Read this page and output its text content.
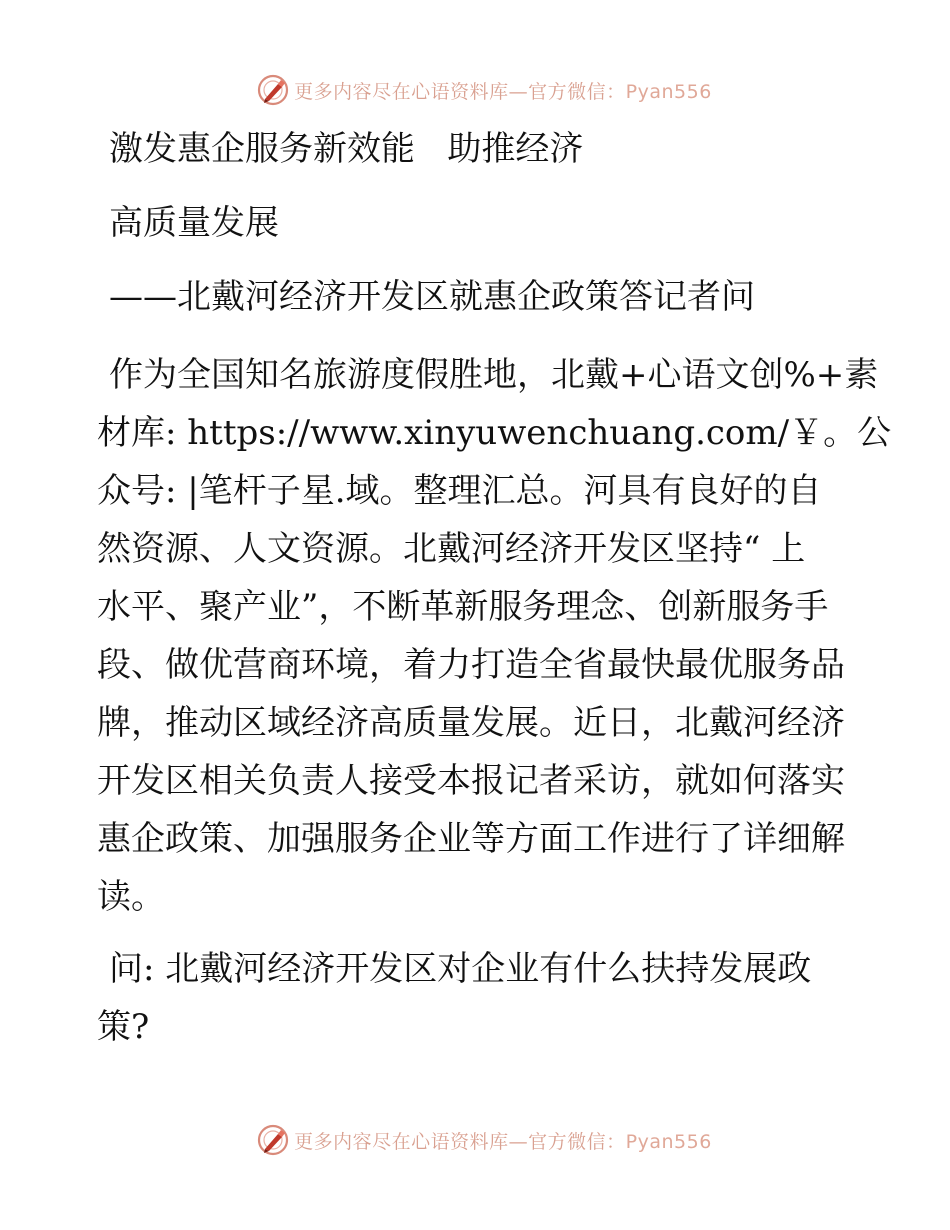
更多内容尽在心语资料库—官方微信：Pyan556
激发惠企服务新效能   助推经济
高质量发展
——北戴河经济开发区就惠企政策答记者问
作为全国知名旅游度假胜地，北戴+心语文创%+素
材库: https://www.xinyuwenchuang.com/￥。公
众号: |笔杆子星.域。整理汇总。河具有良好的自
然资源、人文资源。北戴河经济开发区坚持“ 上
水平、聚产业”，不断革新服务理念、创新服务手
段、做优营商环境，着力打造全省最快最优服务品
牌，推动区域经济高质量发展。近日，北戴河经济
开发区相关负责人接受本报记者采访，就如何落实
惠企政策、加强服务企业等方面工作进行了详细解
读。
问: 北戴河经济开发区对企业有什么扶持发展政
策?
更多内容尽在心语资料库—官方微信：Pyan556
